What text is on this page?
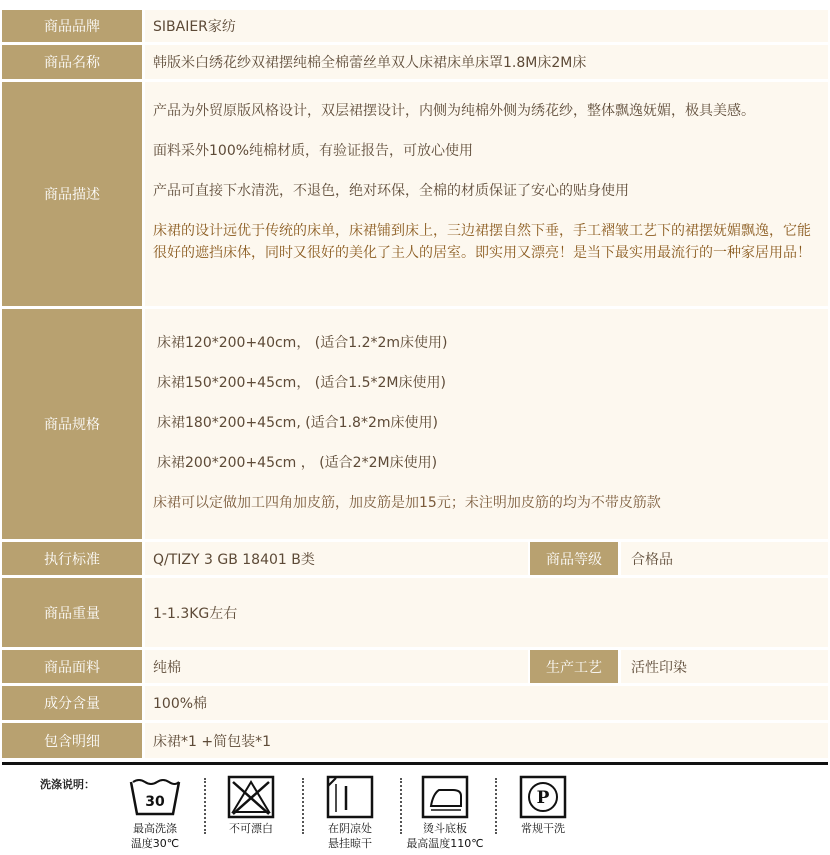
商品品牌	SIBAIER家纺
商品名称	韩版米白绣花纱双裙摆纯棉全棉蕾丝单双人床裙床单床罩1.8M床2M床
商品描述

产品为外贸原版风格设计，双层裙摆设计，内侧为纯棉外侧为绣花纱，整体飘逸妩媚，极具美感。

面料采外100%纯棉材质，有验证报告，可放心使用

产品可直接下水清洗，不退色，绝对环保，全棉的材质保证了安心的贴身使用

床裙的设计远优于传统的床单，床裙铺到床上，三边裙摆自然下垂，手工褶皱工艺下的裙摆妩媚飘逸，它能很好的遮挡床体，同时又很好的美化了主人的居室。即实用又漂亮！是当下最实用最流行的一种家居用品！

商品规格

床裙120*200+40cm， (适合1.2*2m床使用)

床裙150*200+45cm， (适合1.5*2M床使用)

床裙180*200+45cm, (适合1.8*2m床使用)

床裙200*200+45cm ， (适合2*2M床使用)

床裙可以定做加工四角加皮筋，加皮筋是加15元；未注明加皮筋的均为不带皮筋款

执行标准	Q/TIZY 3 GB 18401 B类	商品等级	合格品
商品重量	1-1.3KG左右
商品面料	纯棉	生产工艺	活性印染
成分含量	100%棉
包含明细	床裙*1 +简包装*1
洗涤说明：
30
最高洗涤
温度30℃
不可漂白	在阴凉处
悬挂晾干
烫斗底板
最高温度110℃
P
常规干洗
